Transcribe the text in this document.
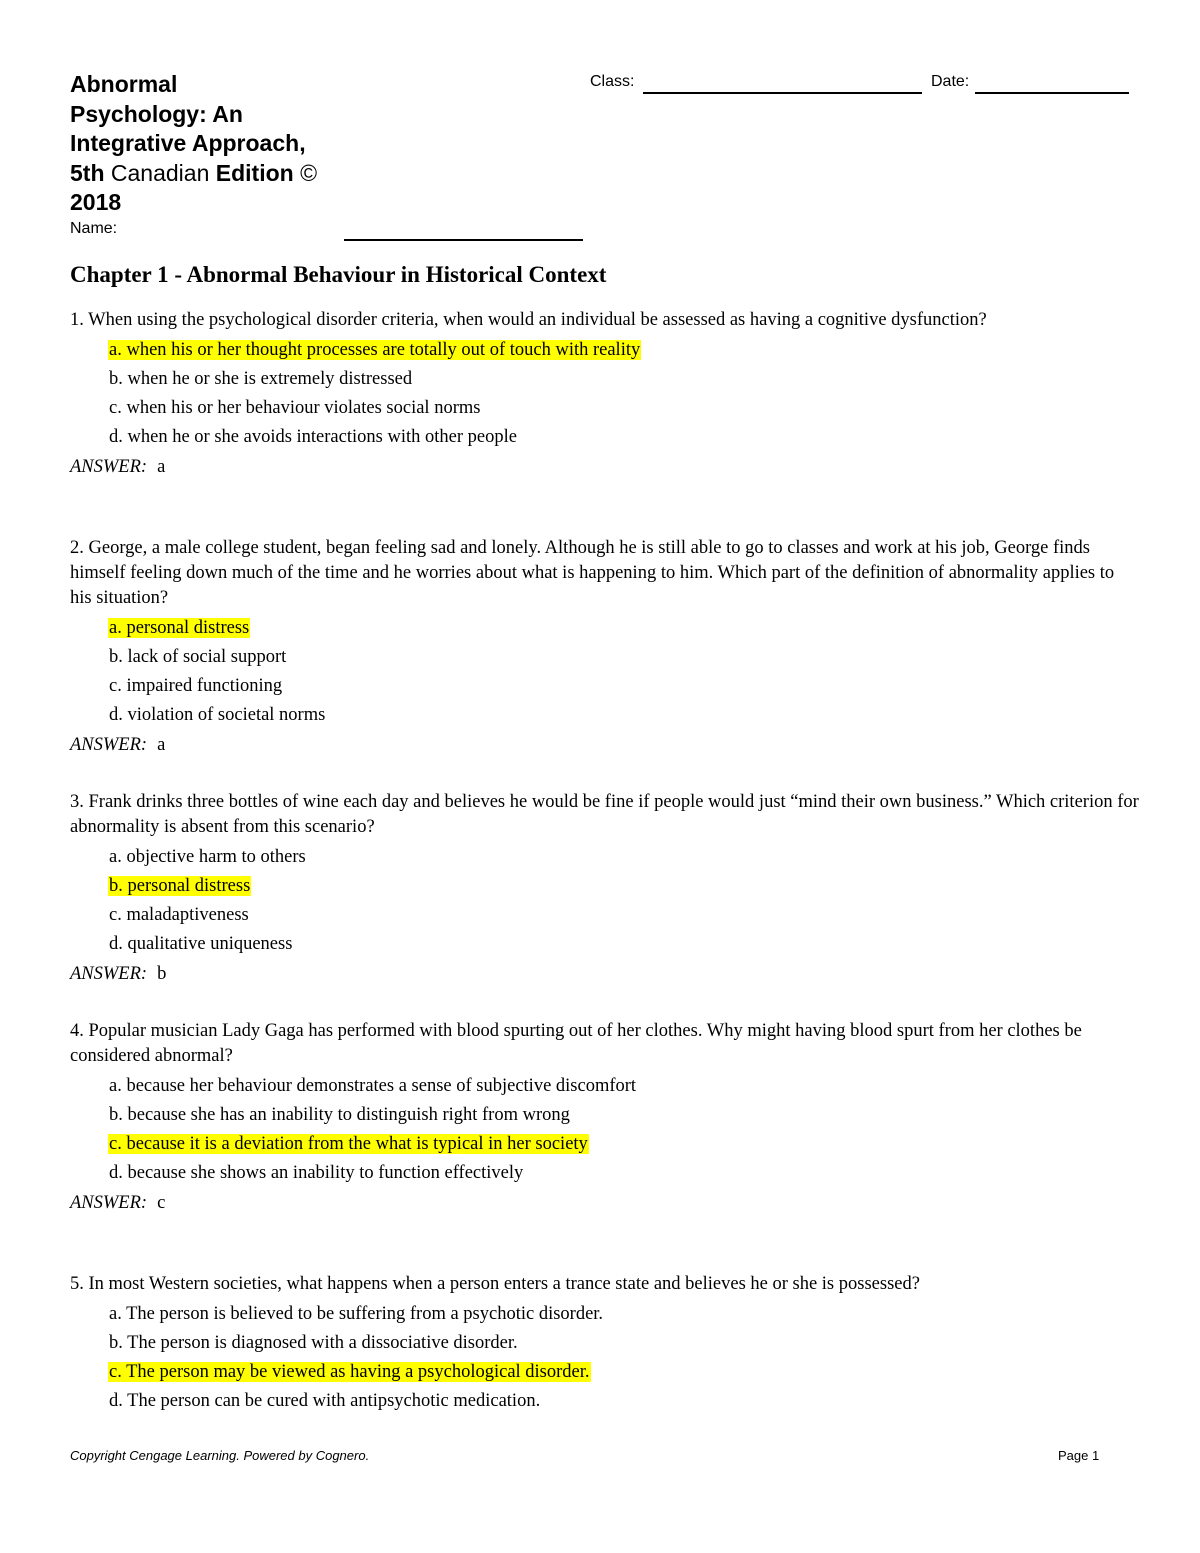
Abnormal
Psychology: An
Integrative Approach,
5th Canadian Edition ©
2018
Name:
Class:	Date:
Chapter 1 - Abnormal Behaviour in Historical Context

1. When using the psychological disorder criteria, when would an individual be assessed as having a cognitive dysfunction?

a. when his or her thought processes are totally out of touch with reality
b. when he or she is extremely distressed
c. when his or her behaviour violates social norms
d. when he or she avoids interactions with other people
ANSWER: a

2. George, a male college student, began feeling sad and lonely. Although he is still able to go to classes and work at his job, George finds himself feeling down much of the time and he worries about what is happening to him. Which part of the definition of abnormality applies to his situation?

a. personal distress
b. lack of social support
c. impaired functioning
d. violation of societal norms
ANSWER: a

3. Frank drinks three bottles of wine each day and believes he would be fine if people would just “mind their own business.” Which criterion for abnormality is absent from this scenario?

a. objective harm to others
b. personal distress
c. maladaptiveness
d. qualitative uniqueness
ANSWER: b

4. Popular musician Lady Gaga has performed with blood spurting out of her clothes. Why might having blood spurt from her clothes be considered abnormal?

a. because her behaviour demonstrates a sense of subjective discomfort
b. because she has an inability to distinguish right from wrong
c. because it is a deviation from the what is typical in her society
d. because she shows an inability to function effectively
ANSWER: c

5. In most Western societies, what happens when a person enters a trance state and believes he or she is possessed?

a. The person is believed to be suffering from a psychotic disorder.
b. The person is diagnosed with a dissociative disorder.
c. The person may be viewed as having a psychological disorder.
d. The person can be cured with antipsychotic medication.
Copyright Cengage Learning. Powered by Cognero.	Page 1
